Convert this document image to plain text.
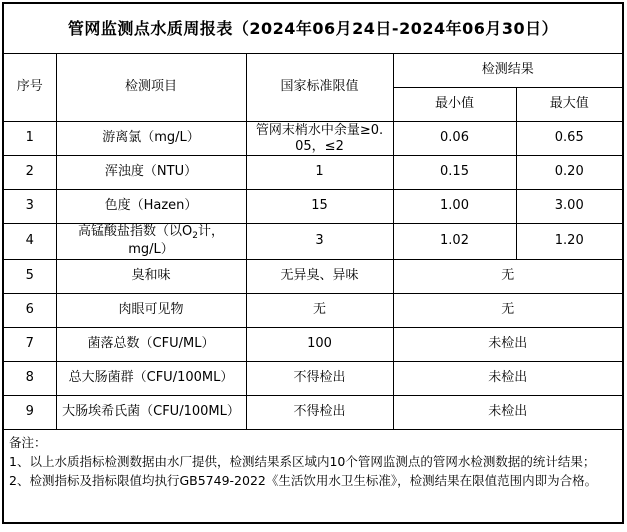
管网监测点水质周报表（2024年06月24日-2024年06月30日）				
序号	检测项目	国家标准限值	检测结果	
			最小值	最大值
1	游离氯（mg/L）	管网末梢水中余量≥0.05，≤2	0.06	0.65
2	浑浊度（NTU）	1	0.15	0.20
3	色度（Hazen）	15	1.00	3.00
4	高锰酸盐指数（以$O_2$计，mg/L）	3	1.02	1.20
5	臭和味	无异臭、异味	无	
6	肉眼可见物	无	无	
7	菌落总数（CFU/ML）	100	未检出	
8	总大肠菌群（CFU/100ML）	不得检出	未检出	
9	大肠埃希氏菌（CFU/100ML）	不得检出	未检出	

备注：
1、以上水质指标检测数据由水厂提供，检测结果系区域内10个管网监测点的管网水检测数据的统计结果；
2、检测指标及指标限值均执行GB5749-2022《生活饮用水卫生标准》，检测结果在限值范围内即为合格。				
